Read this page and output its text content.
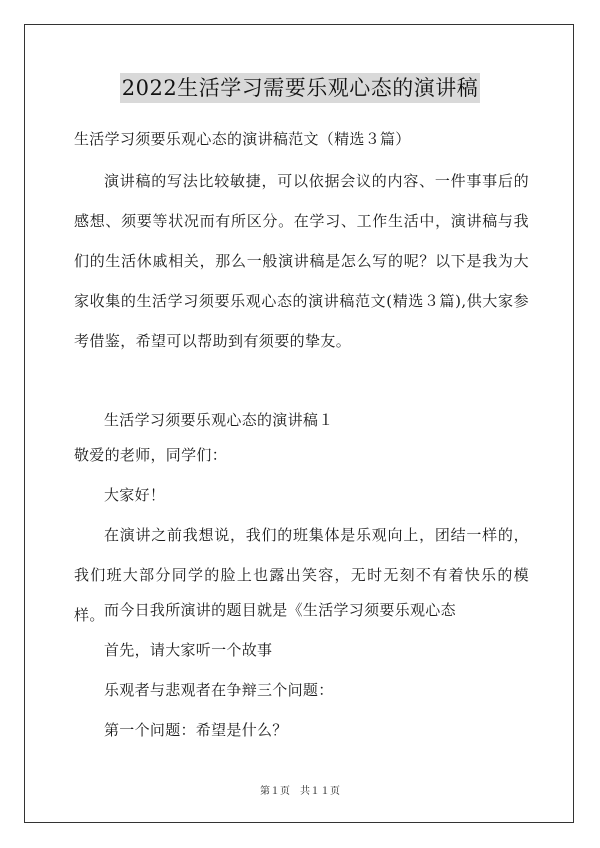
2022生活学习需要乐观心态的演讲稿
生活学习须要乐观心态的演讲稿范文（精选３篇）
演讲稿的写法比较敏捷，可以依据会议的内容、一件事事后的感想、须要等状况而有所区分。在学习、工作生活中，演讲稿与我们的生活休戚相关，那么一般演讲稿是怎么写的呢？以下是我为大家收集的生活学习须要乐观心态的演讲稿范文(精选３篇),供大家参考借鉴，希望可以帮助到有须要的挚友。
生活学习须要乐观心态的演讲稿１
敬爱的老师，同学们：
大家好！
在演讲之前我想说，我们的班集体是乐观向上，团结一样的，我们班大部分同学的脸上也露出笑容，无时无刻不有着快乐的模样。 而今日我所演讲的题目就是《生活学习须要乐观心态
首先，请大家听一个故事
乐观者与悲观者在争辩三个问题：
第一个问题：希望是什么？
第１页　共１１页
